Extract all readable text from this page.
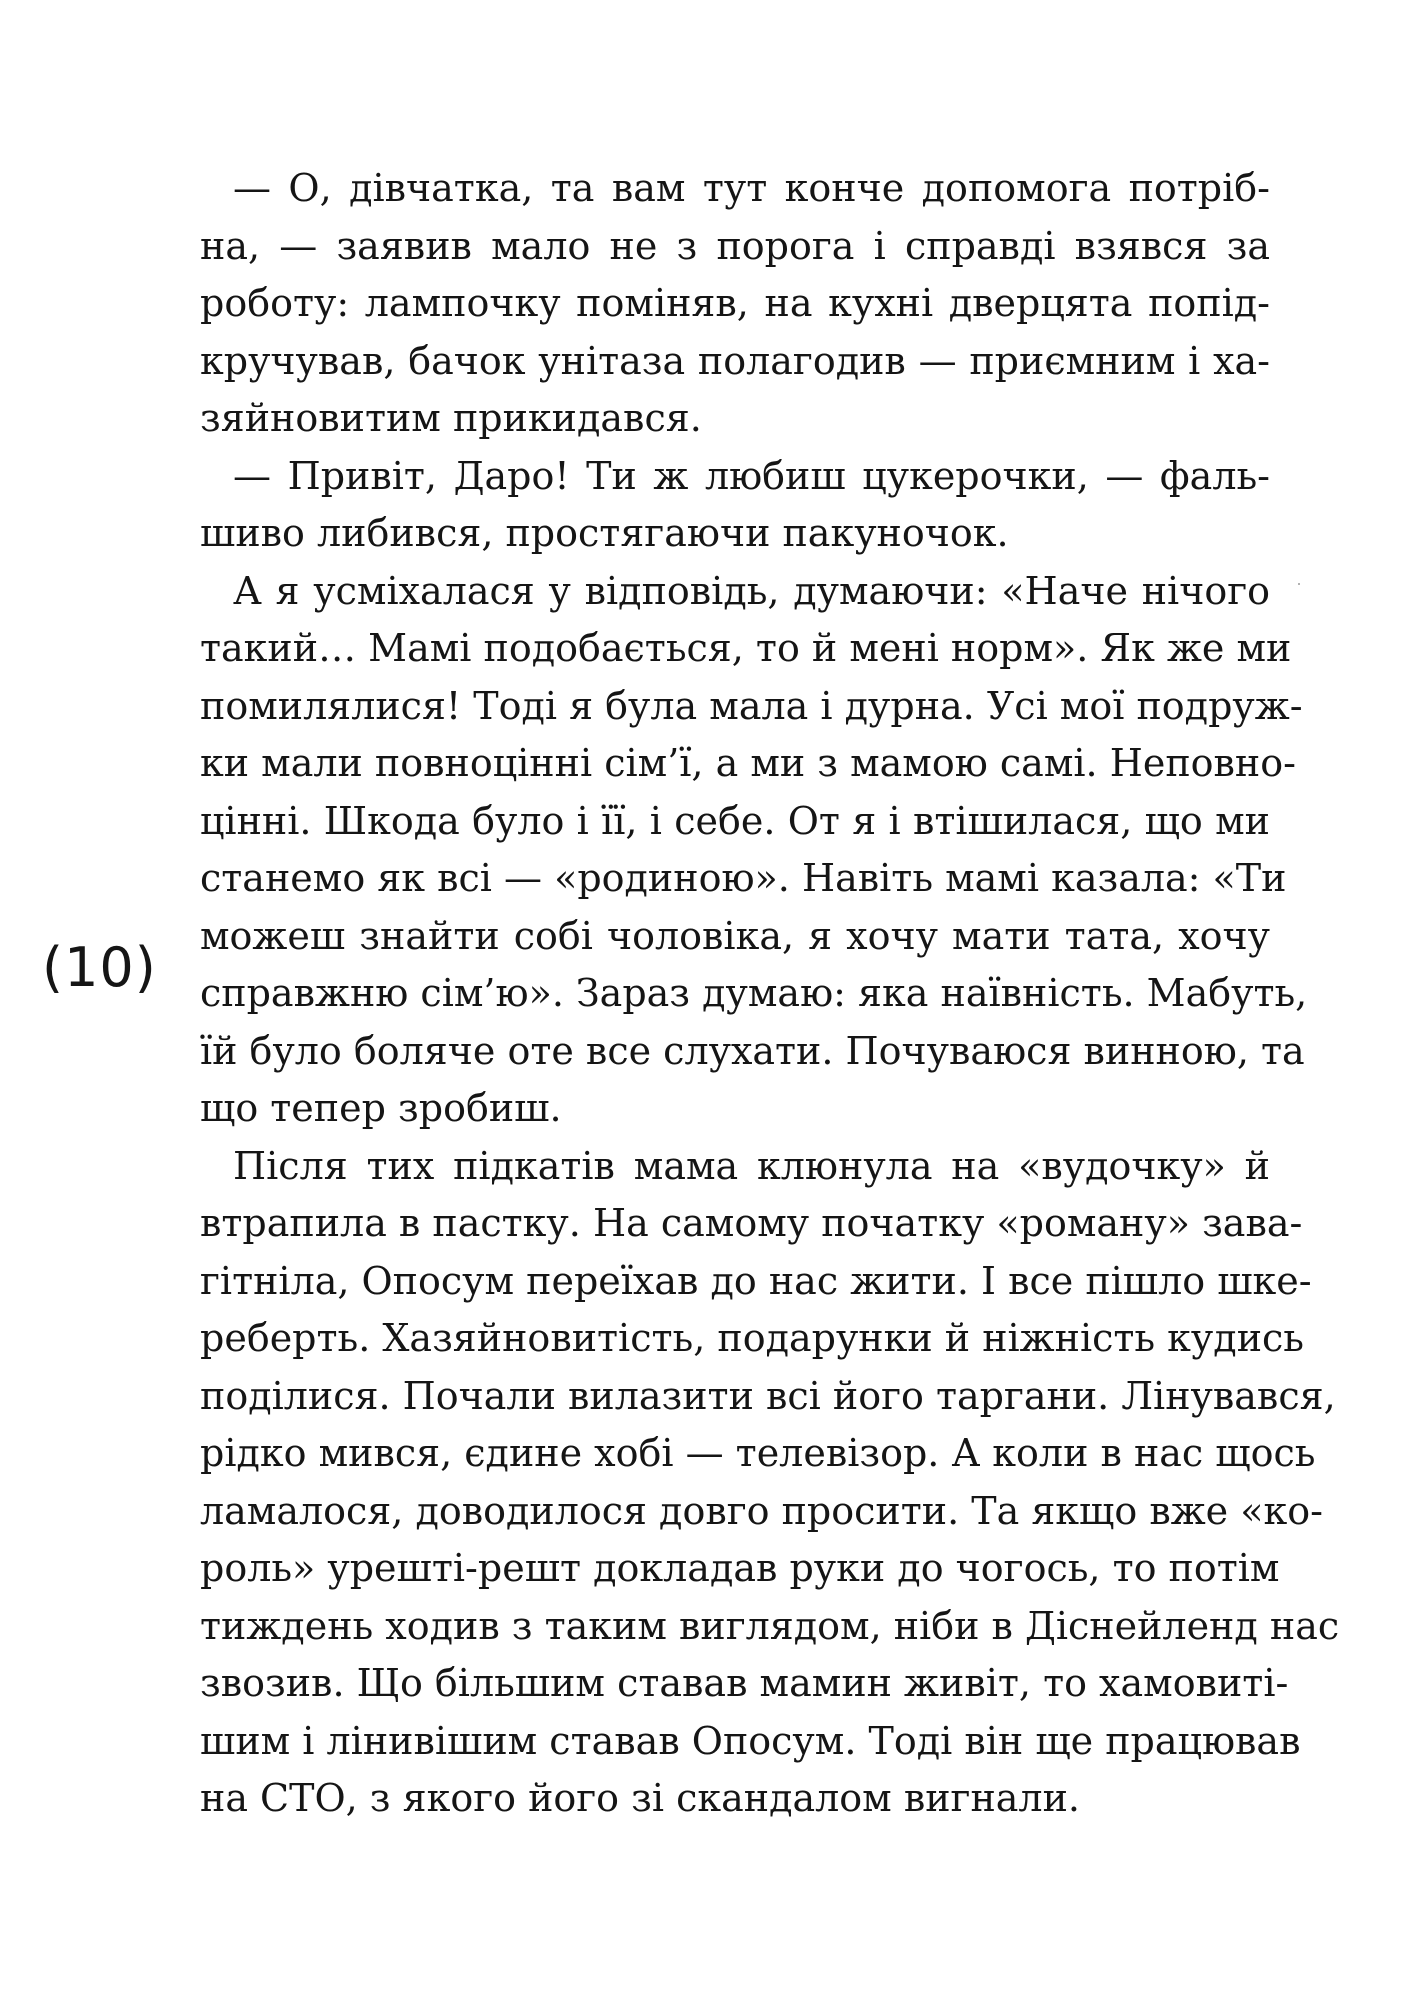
(10)

— О, дівчатка, та вам тут конче допомога потріб-
на, — заявив мало не з порога і справді взявся за
роботу: лампочку поміняв, на кухні дверцята попід-
кручував, бачок унітаза полагодив — приємним і ха-
зяйновитим прикидався.

— Привіт, Даро! Ти ж любиш цукерочки, — фаль-
шиво либився, простягаючи пакуночок.

А я усміхалася у відповідь, думаючи: «Наче нічого
такий… Мамі подобається, то й мені норм». Як же ми
помилялися! Тоді я була мала і дурна. Усі мої подруж-
ки мали повноцінні сім’ї, а ми з мамою самі. Неповно-
цінні. Шкода було і її, і себе. От я і втішилася, що ми
станемо як всі — «родиною». Навіть мамі казала: «Ти
можеш знайти собі чоловіка, я хочу мати тата, хочу
справжню сім’ю». Зараз думаю: яка наївність. Мабуть,
їй було боляче оте все слухати. Почуваюся винною, та
що тепер зробиш.

Після тих підкатів мама клюнула на «вудочку» й
втрапила в пастку. На самому початку «роману» зава-
гітніла, Опосум переїхав до нас жити. І все пішло шке-
реберть. Хазяйновитість, подарунки й ніжність кудись
поділися. Почали вилазити всі його таргани. Лінувався,
рідко мився, єдине хобі — телевізор. А коли в нас щось
ламалося, доводилося довго просити. Та якщо вже «ко-
роль» урешті-решт докладав руки до чогось, то потім
тиждень ходив з таким виглядом, ніби в Діснейленд нас
звозив. Що більшим ставав мамин живіт, то хамовиті-
шим і лінивішим ставав Опосум. Тоді він ще працював
на СТО, з якого його зі скандалом вигнали.
